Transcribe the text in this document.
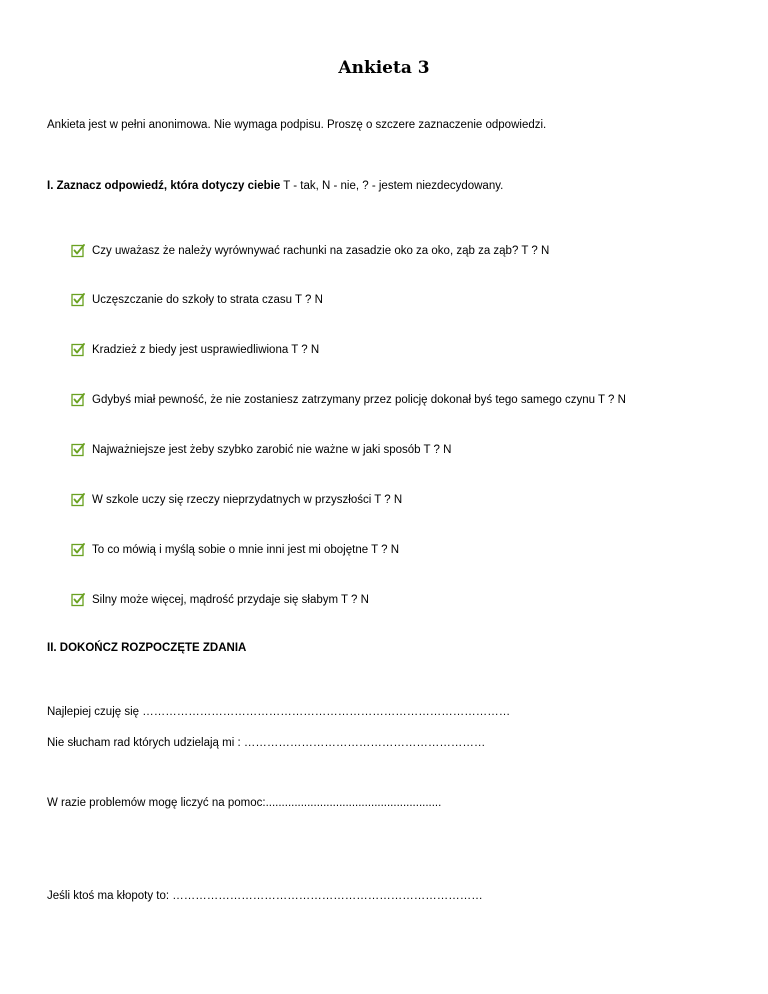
Ankieta 3
Ankieta jest w pełni anonimowa. Nie wymaga podpisu. Proszę o szczere zaznaczenie odpowiedzi.
I. Zaznacz odpowiedź, która dotyczy ciebie T - tak, N - nie, ? - jestem niezdecydowany.
Czy uważasz że należy wyrównywać rachunki na zasadzie oko za oko, ząb za ząb? T ? N
Uczęszczanie do szkoły to strata czasu T ? N
Kradzież z biedy jest usprawiedliwiona T ? N
Gdybyś miał pewność, że nie zostaniesz zatrzymany przez policję dokonał byś tego samego czynu T ? N
Najważniejsze jest żeby szybko zarobić nie ważne w jaki sposób T ? N
W szkole uczy się rzeczy nieprzydatnych w przyszłości T ? N
To co mówią i myślą sobie o mnie inni jest mi obojętne T ? N
Silny może więcej, mądrość przydaje się słabym T ? N
II. DOKOŃCZ ROZPOCZĘTE ZDANIA
Najlepiej czuję się ……………………………………………………………………………………
Nie słucham rad których udzielają mi : ………………………………………………………
W razie problemów mogę liczyć na pomoc:.......................................................
Jeśli ktoś ma kłopoty to: ………………………………………………………………………
